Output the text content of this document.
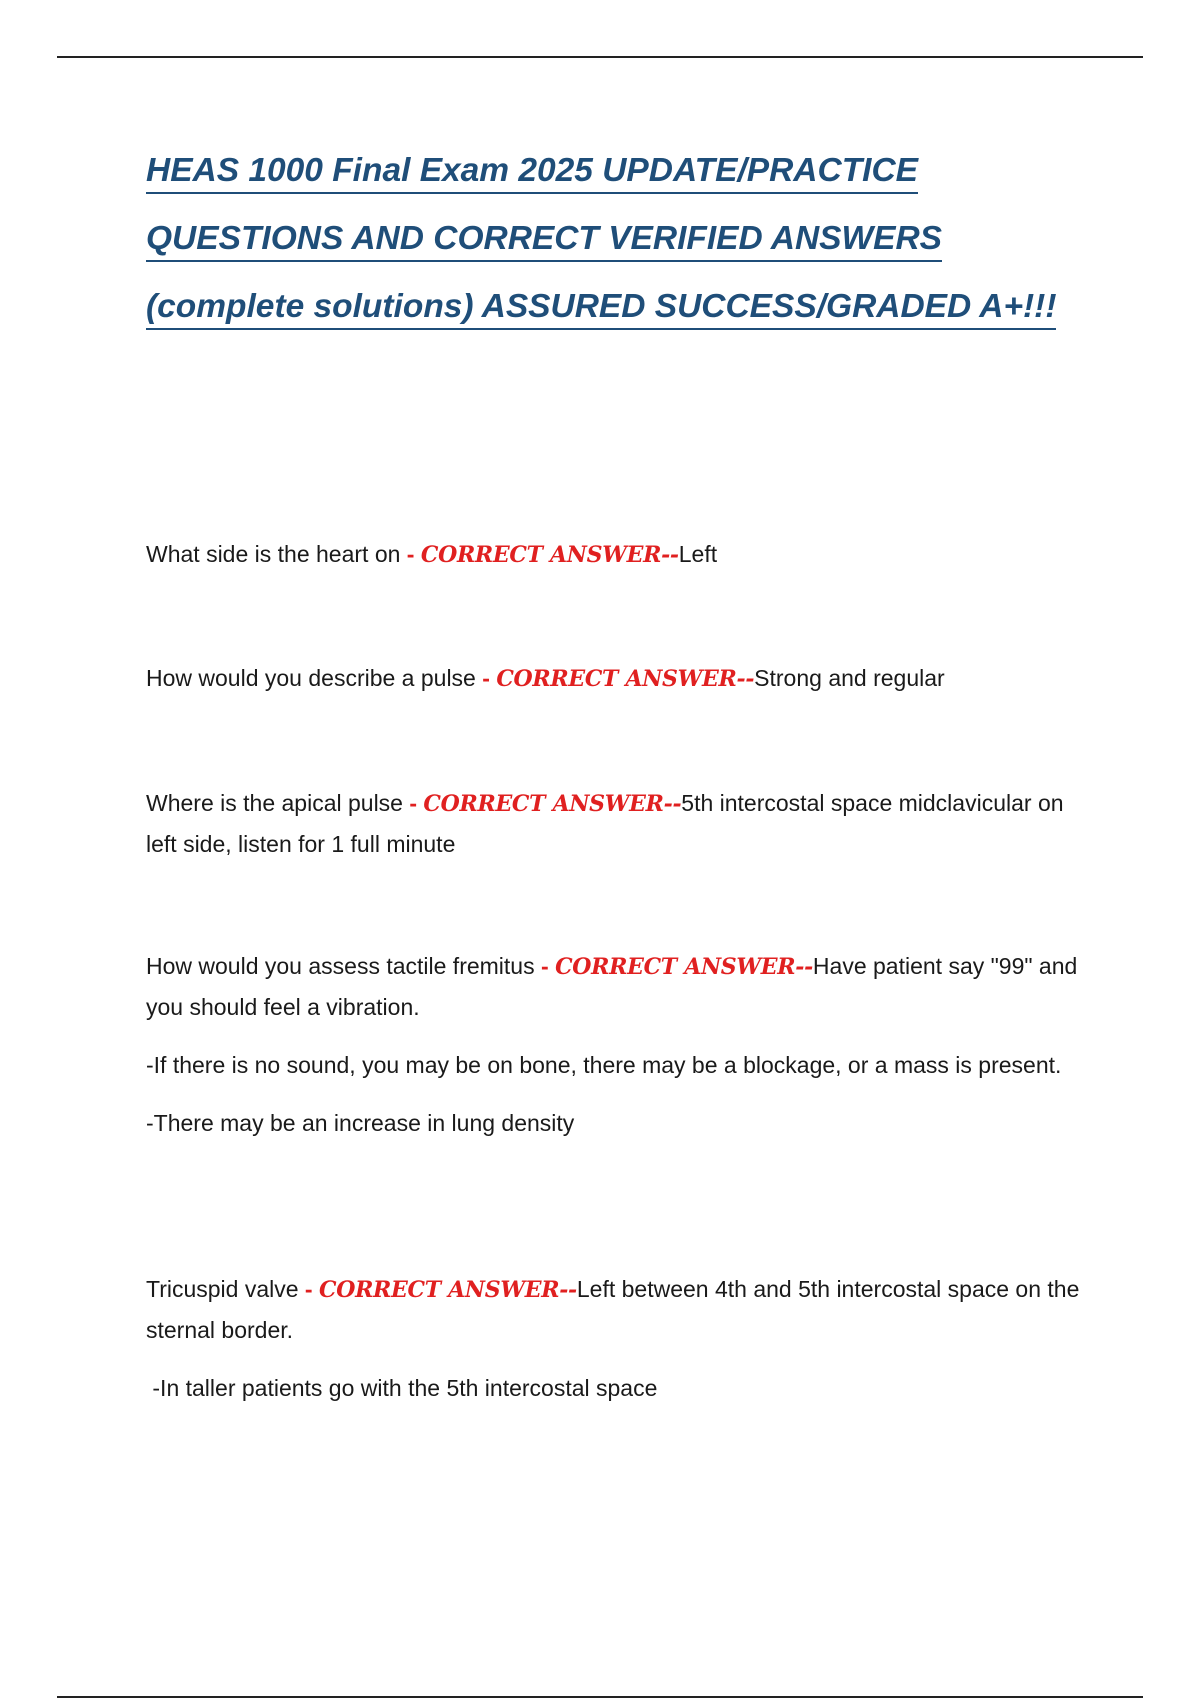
HEAS 1000 Final Exam 2025 UPDATE/PRACTICE
QUESTIONS AND CORRECT VERIFIED ANSWERS
(complete solutions) ASSURED SUCCESS/GRADED A+!!!

What side is the heart on - CORRECT ANSWER--Left

How would you describe a pulse - CORRECT ANSWER--Strong and regular

Where is the apical pulse - CORRECT ANSWER--5th intercostal space midclavicular on left side, listen for 1 full minute

How would you assess tactile fremitus - CORRECT ANSWER--Have patient say "99" and you should feel a vibration.

-If there is no sound, you may be on bone, there may be a blockage, or a mass is present.

-There may be an increase in lung density

Tricuspid valve - CORRECT ANSWER--Left between 4th and 5th intercostal space on the sternal border.

-In taller patients go with the 5th intercostal space
